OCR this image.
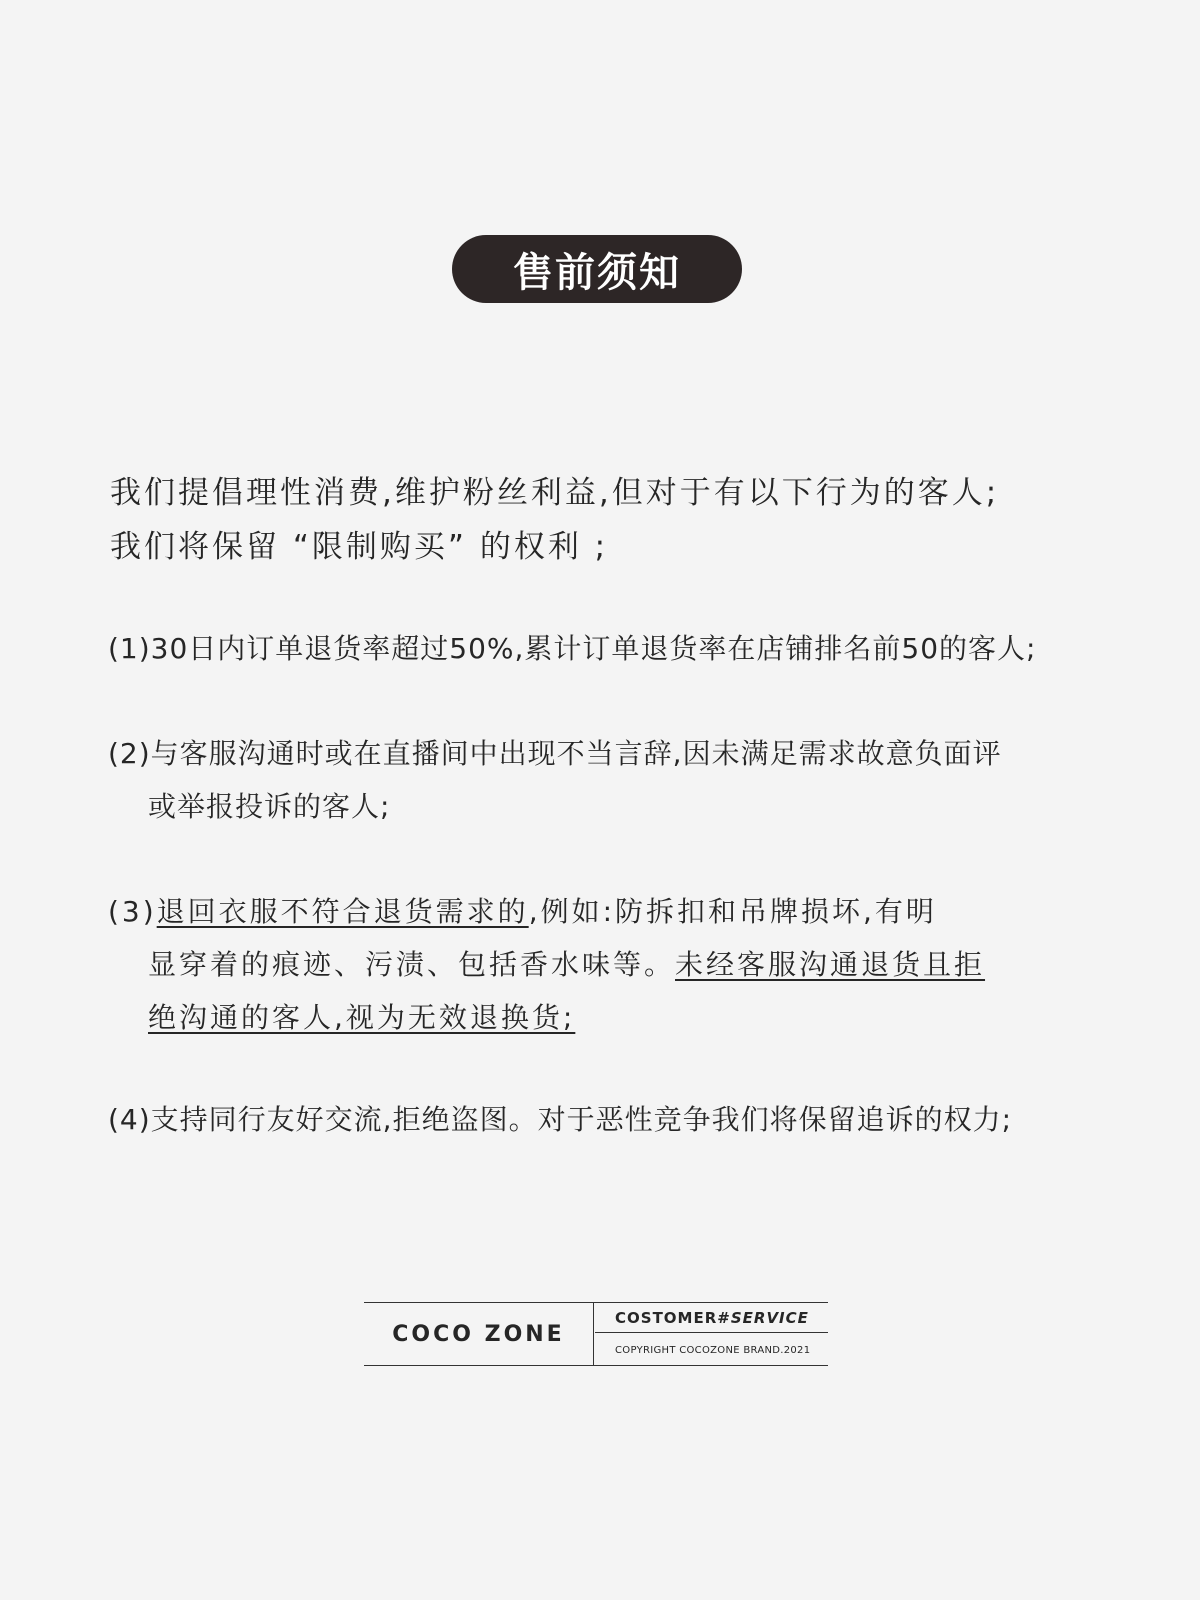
售前须知

我们提倡理性消费,维护粉丝利益,但对于有以下行为的客人;
我们将保留 “限制购买” 的权利 ;

(1)30日内订单退货率超过50%,累计订单退货率在店铺排名前50的客人;

(2)与客服沟通时或在直播间中出现不当言辞,因未满足需求故意负面评
或举报投诉的客人;

(3)退回衣服不符合退货需求的,例如:防拆扣和吊牌损坏,有明
显穿着的痕迹、污渍、包括香水味等。未经客服沟通退货且拒
绝沟通的客人,视为无效退换货;

(4)支持同行友好交流,拒绝盗图。对于恶性竞争我们将保留追诉的权力;

COCO ZONE
COSTOMER# SERVICE
COPYRIGHT COCOZONE BRAND.2021
